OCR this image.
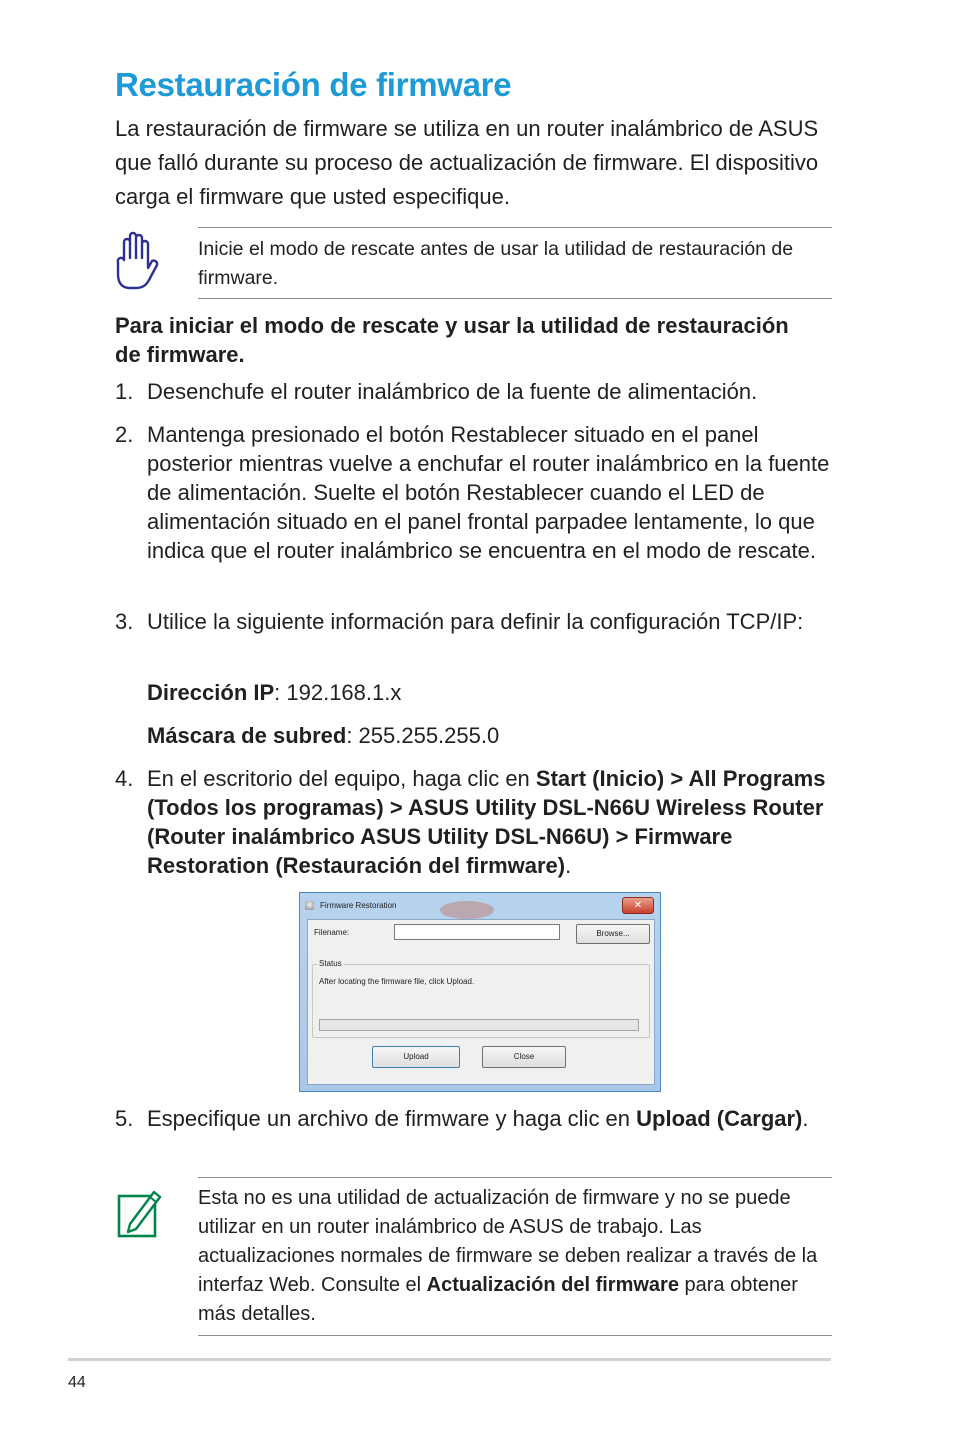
Restauración de firmware

La restauración de firmware se utiliza en un router inalámbrico de ASUS que falló durante su proceso de actualización de firmware. El dispositivo carga el firmware que usted especifique.

Inicie el modo de rescate antes de usar la utilidad de restauración de firmware.

Para iniciar el modo de rescate y usar la utilidad de restauración de firmware.

1. Desenchufe el router inalámbrico de la fuente de alimentación.
2. Mantenga presionado el botón Restablecer situado en el panel posterior mientras vuelve a enchufar el router inalámbrico en la fuente de alimentación. Suelte el botón Restablecer cuando el LED de alimentación situado en el panel frontal parpadee lentamente, lo que indica que el router inalámbrico se encuentra en el modo de rescate.
3. Utilice la siguiente información para definir la configuración TCP/IP:
Dirección IP: 192.168.1.x
Máscara de subred: 255.255.255.0
4. En el escritorio del equipo, haga clic en Start (Inicio) > All Programs (Todos los programas) > ASUS Utility DSL-N66U Wireless Router (Router inalámbrico ASUS Utility DSL-N66U) > Firmware Restoration (Restauración del firmware).
Firmware Restoration	✕
Filename:	Browse...
Status
After locating the firmware file, click Upload.
Upload	Close
5. Especifique un archivo de firmware y haga clic en Upload (Cargar).

Esta no es una utilidad de actualización de firmware y no se puede utilizar en un router inalámbrico de ASUS de trabajo. Las actualizaciones normales de firmware se deben realizar a través de la interfaz Web. Consulte el Actualización del firmware para obtener más detalles.

44
